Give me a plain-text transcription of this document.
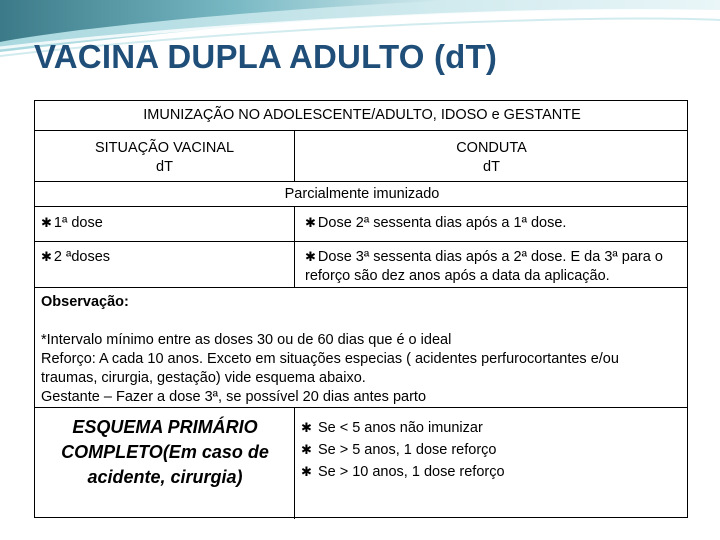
VACINA DUPLA ADULTO (dT)
IMUNIZAÇÃO NO ADOLESCENTE/ADULTO, IDOSO e GESTANTE
SITUAÇÃO VACINAL
dT
CONDUTA
dT
Parcialmente imunizado
✱ 1ª dose	✱ Dose 2ª sessenta dias após a 1ª dose.
✱ 2 ªdoses	✱ Dose 3ª sessenta dias após a 2ª dose. E da 3ª para o reforço são dez anos após a data da aplicação.
Observação:
*Intervalo mínimo entre as doses 30 ou de 60 dias que é o ideal
Reforço: A cada 10 anos. Exceto em situações especias ( acidentes perfurocortantes e/ou
traumas, cirurgia, gestação) vide esquema abaixo.
Gestante – Fazer a dose 3ª, se possível 20 dias antes parto
ESQUEMA PRIMÁRIO
COMPLETO(Em caso de
acidente, cirurgia)
✱ Se < 5 anos não imunizar
✱ Se > 5 anos, 1 dose reforço
✱ Se > 10 anos, 1 dose reforço
